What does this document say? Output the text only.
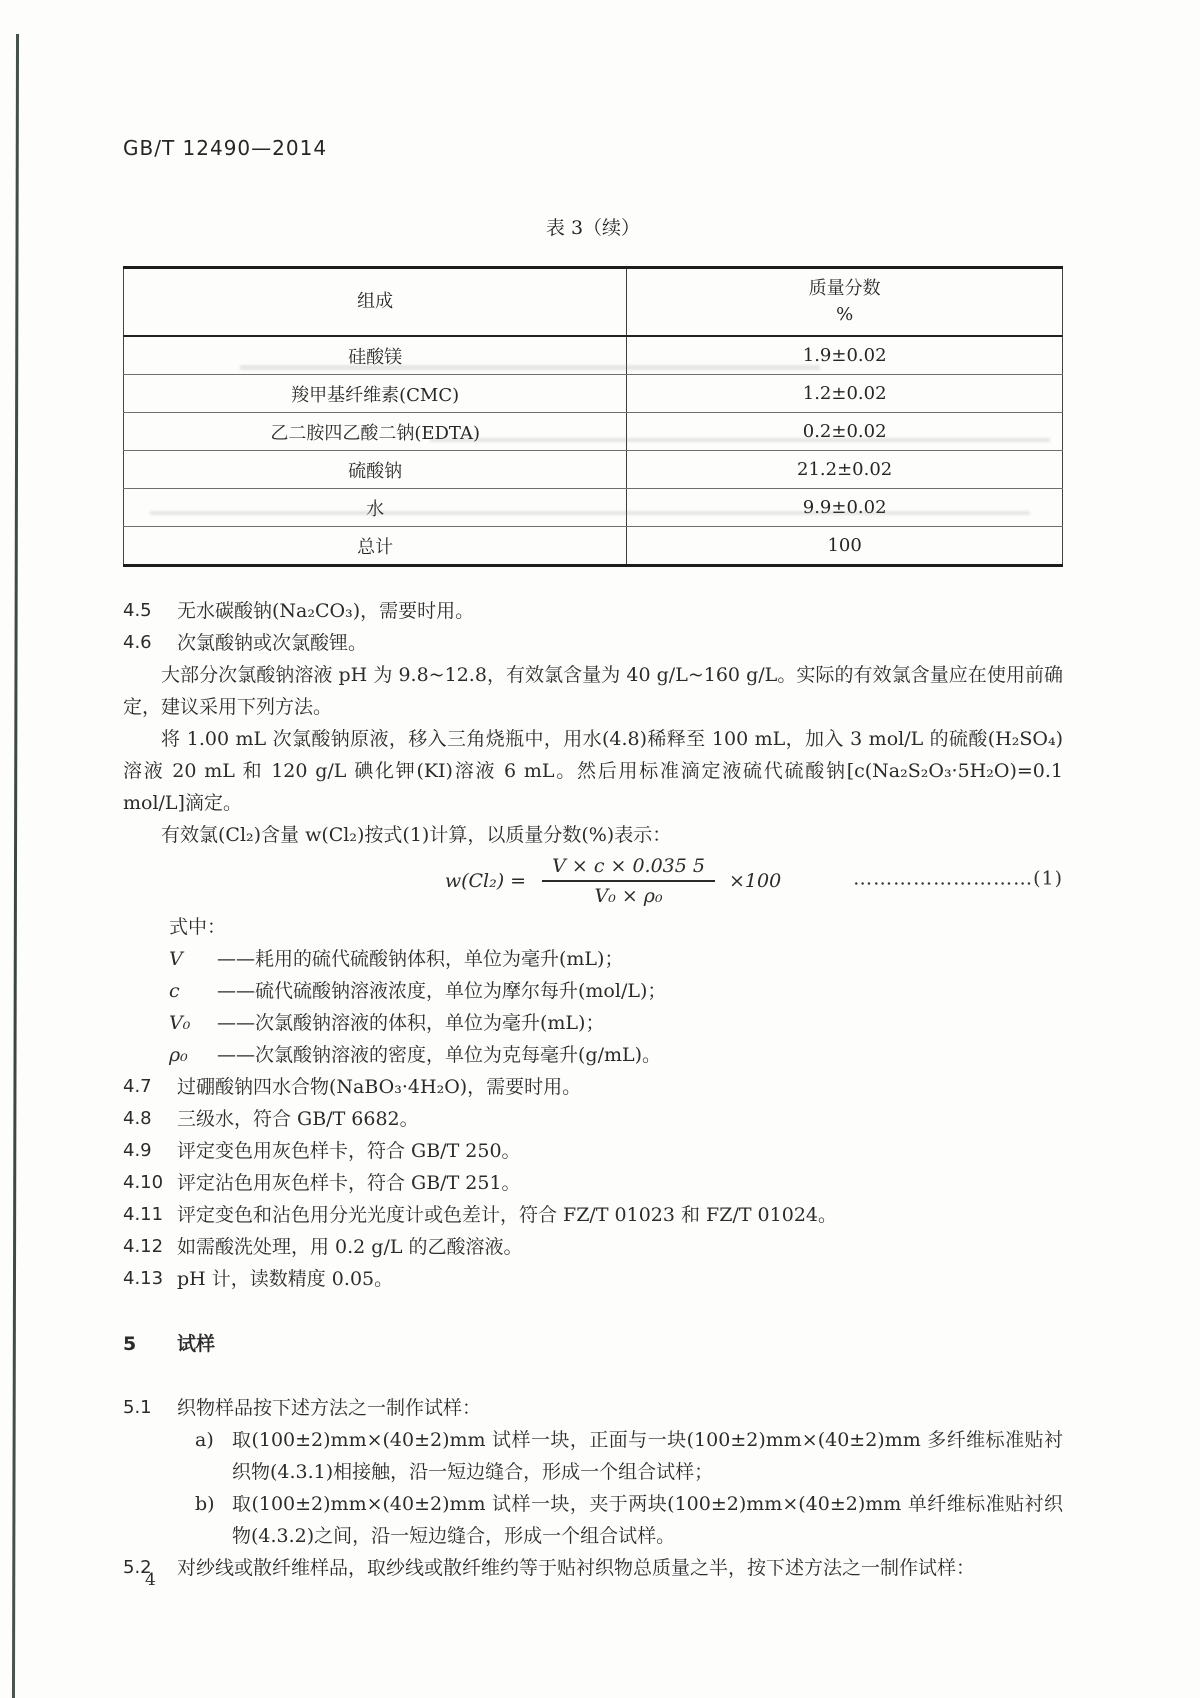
GB/T 12490—2014
表 3（续）
组成	质量分数
%

硅酸镁	1.9±0.02
羧甲基纤维素(CMC)	1.2±0.02
乙二胺四乙酸二钠(EDTA)	0.2±0.02
硫酸钠	21.2±0.02
水	9.9±0.02
总计	100
4.5	无水碳酸钠(Na₂CO₃)，需要时用。
4.6	次氯酸钠或次氯酸锂。

大部分次氯酸钠溶液 pH 为 9.8~12.8，有效氯含量为 40 g/L~160 g/L。实际的有效氯含量应在使用前确定，建议采用下列方法。

将 1.00 mL 次氯酸钠原液，移入三角烧瓶中，用水(4.8)稀释至 100 mL，加入 3 mol/L 的硫酸(H₂SO₄)溶液 20 mL 和 120 g/L 碘化钾(KI)溶液 6 mL。然后用标准滴定液硫代硫酸钠[c(Na₂S₂O₃·5H₂O)=0.1 mol/L]滴定。

有效氯(Cl₂)含量 w(Cl₂)按式(1)计算，以质量分数(%)表示：

$w(Cl_2) = \frac{V \times c \times 0.035 5}{\text{V₀ × ρ₀}} \times 100$	………………………(1)
式中：
V	——耗用的硫代硫酸钠体积，单位为毫升(mL)；
c	——硫代硫酸钠溶液浓度，单位为摩尔每升(mol/L)；
V₀	——次氯酸钠溶液的体积，单位为毫升(mL)；
ρ₀	——次氯酸钠溶液的密度，单位为克每毫升(g/mL)。
4.7	过硼酸钠四水合物(NaBO₃·4H₂O)，需要时用。
4.8	三级水，符合 GB/T 6682。
4.9	评定变色用灰色样卡，符合 GB/T 250。
4.10 评定沾色用灰色样卡，符合 GB/T 251。
4.11 评定变色和沾色用分光光度计或色差计，符合 FZ/T 01023 和 FZ/T 01024。
4.12 如需酸洗处理，用 0.2 g/L 的乙酸溶液。
4.13 pH 计，读数精度 0.05。
5	试样
5.1	织物样品按下述方法之一制作试样：
a) 取(100±2)mm×(40±2)mm 试样一块，正面与一块(100±2)mm×(40±2)mm 多纤维标准贴衬织物(4.3.1)相接触，沿一短边缝合，形成一个组合试样；
b) 取(100±2)mm×(40±2)mm 试样一块，夹于两块(100±2)mm×(40±2)mm 单纤维标准贴衬织物(4.3.2)之间，沿一短边缝合，形成一个组合试样。
5.2	对纱线或散纤维样品，取纱线或散纤维约等于贴衬织物总质量之半，按下述方法之一制作试样：
4
